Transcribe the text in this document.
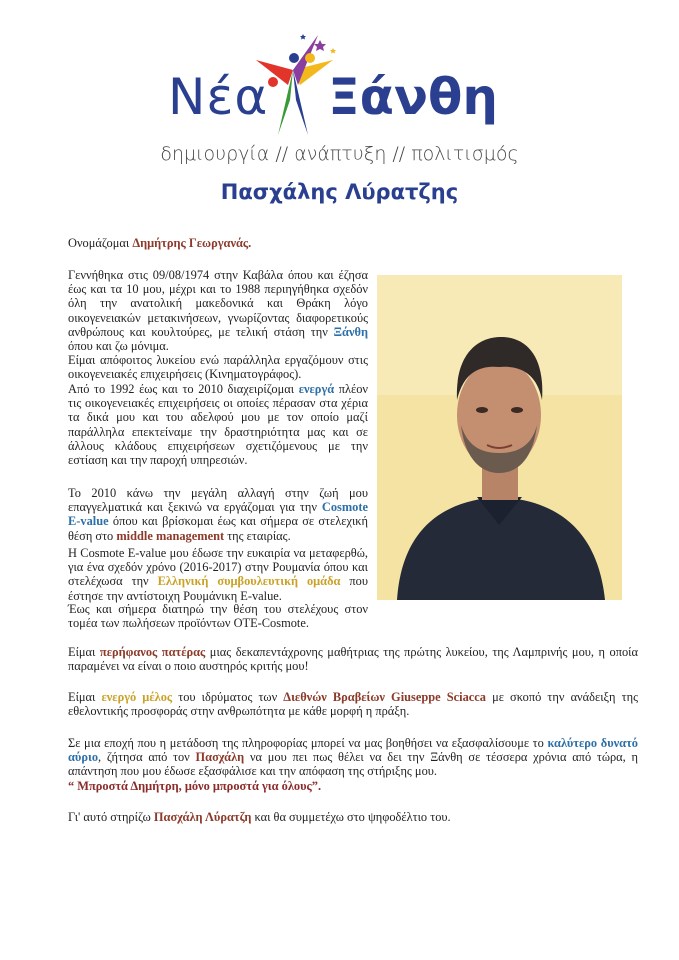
Νέα Ξάνθη
δημιουργία // ανάπτυξη // πολιτισμός
Πασχάλης Λύρατζης

Ονομάζομαι Δημήτρης Γεωργανάς.

Γεννήθηκα στις 09/08/1974 στην Καβάλα όπου και έζησα έως και τα 10 μου, μέχρι και το 1988 περιηγήθηκα σχεδόν όλη την ανατολική μακεδονικά και Θράκη λόγο οικογενειακών μετακινήσεων, γνωρίζοντας διαφορετικούς ανθρώπους και κουλτούρες, με τελική στάση την Ξάνθη όπου και ζω μόνιμα.

Είμαι απόφοιτος λυκείου ενώ παράλληλα εργαζόμουν στις οικογενειακές επιχειρήσεις (Κινηματογράφος).

Από το 1992 έως και το 2010 διαχειρίζομαι ενεργά πλέον τις οικογενειακές επιχειρήσεις οι οποίες πέρασαν στα χέρια τα δικά μου και του αδελφού μου με τον οποίο μαζί παράλληλα επεκτείναμε την δραστηριότητα μας και σε άλλους κλάδους επιχειρήσεων σχετιζόμενους με την εστίαση και την παροχή υπηρεσιών.

Το 2010 κάνω την μεγάλη αλλαγή στην ζωή μου επαγγελματικά και ξεκινώ να εργάζομαι για την Cosmote E-value όπου και βρίσκομαι έως και σήμερα σε στελεχική θέση στο middle management της εταιρίας.

Η Cosmote E-value μου έδωσε την ευκαιρία να μεταφερθώ, για ένα σχεδόν χρόνο (2016-2017) στην Ρουμανία όπου και στελέχωσα την Ελληνική συμβουλευτική ομάδα που έστησε την αντίστοιχη Ρουμάνικη E-value.

Έως και σήμερα διατηρώ την θέση του στελέχους στον τομέα των πωλήσεων προϊόντων OTE-Cosmote.

Είμαι περήφανος πατέρας μιας δεκαπεντάχρονης μαθήτριας της πρώτης λυκείου, της Λαμπρινής μου, η οποία παραμένει να είναι ο ποιο αυστηρός κριτής μου!

Είμαι ενεργό μέλος του ιδρύματος των Διεθνών Βραβείων Giuseppe Sciacca με σκοπό την ανάδειξη της εθελοντικής προσφοράς στην ανθρωπότητα με κάθε μορφή η πράξη.

Σε μια εποχή που η μετάδοση της πληροφορίας μπορεί να μας βοηθήσει να εξασφαλίσουμε το καλύτερο δυνατό αύριο, ζήτησα από τον Πασχάλη να μου πει πως θέλει να δει την Ξάνθη σε τέσσερα χρόνια από τώρα, η απάντηση που μου έδωσε εξασφάλισε και την απόφαση της στήριξης μου.
“ Μπροστά Δημήτρη, μόνο μπροστά για όλους”.

Γι' αυτό στηρίζω Πασχάλη Λύρατζη και θα συμμετέχω στο ψηφοδέλτιο του.
